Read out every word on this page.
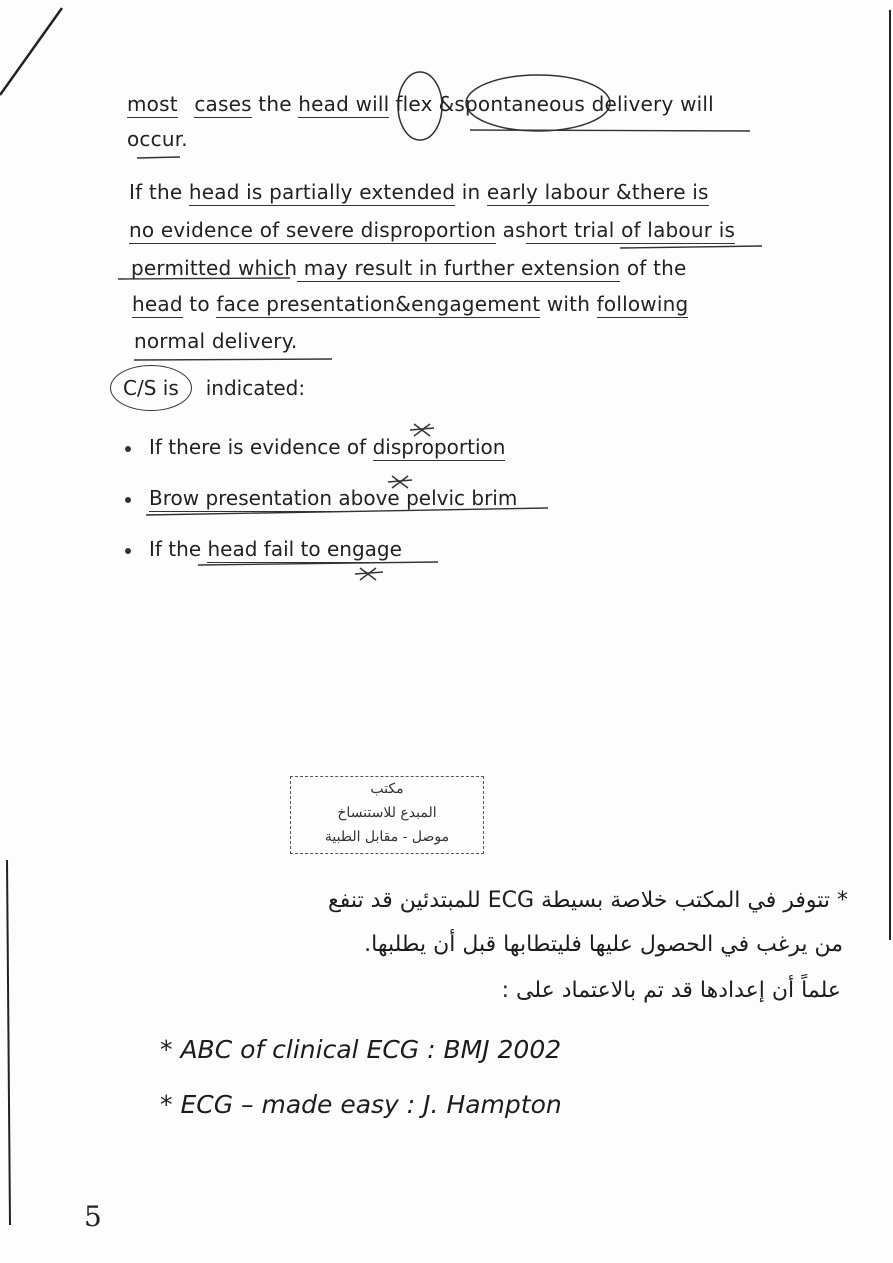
most cases the head will flex &spontaneous delivery will
occur.
If the head is partially extended in early labour &there is
no evidence of severe disproportion ashort trial of labour is
permitted which may result in further extension of the
head to face presentation&engagement with following
normal delivery.
C/S is indicated:
If there is evidence of disproportion
Brow presentation above pelvic brim
If the head fail to engage
مكتب
المبدع للاستنساخ
موصل - مقابل الطبية
* تتوفر في المكتب خلاصة بسيطة ECG للمبتدئين قد تنفع
من يرغب في الحصول عليها فليتطابها قبل أن يطلبها.
علماً أن إعدادها قد تم بالاعتماد على :
* ABC of clinical ECG : BMJ 2002
* ECG – made easy : J. Hampton
5
